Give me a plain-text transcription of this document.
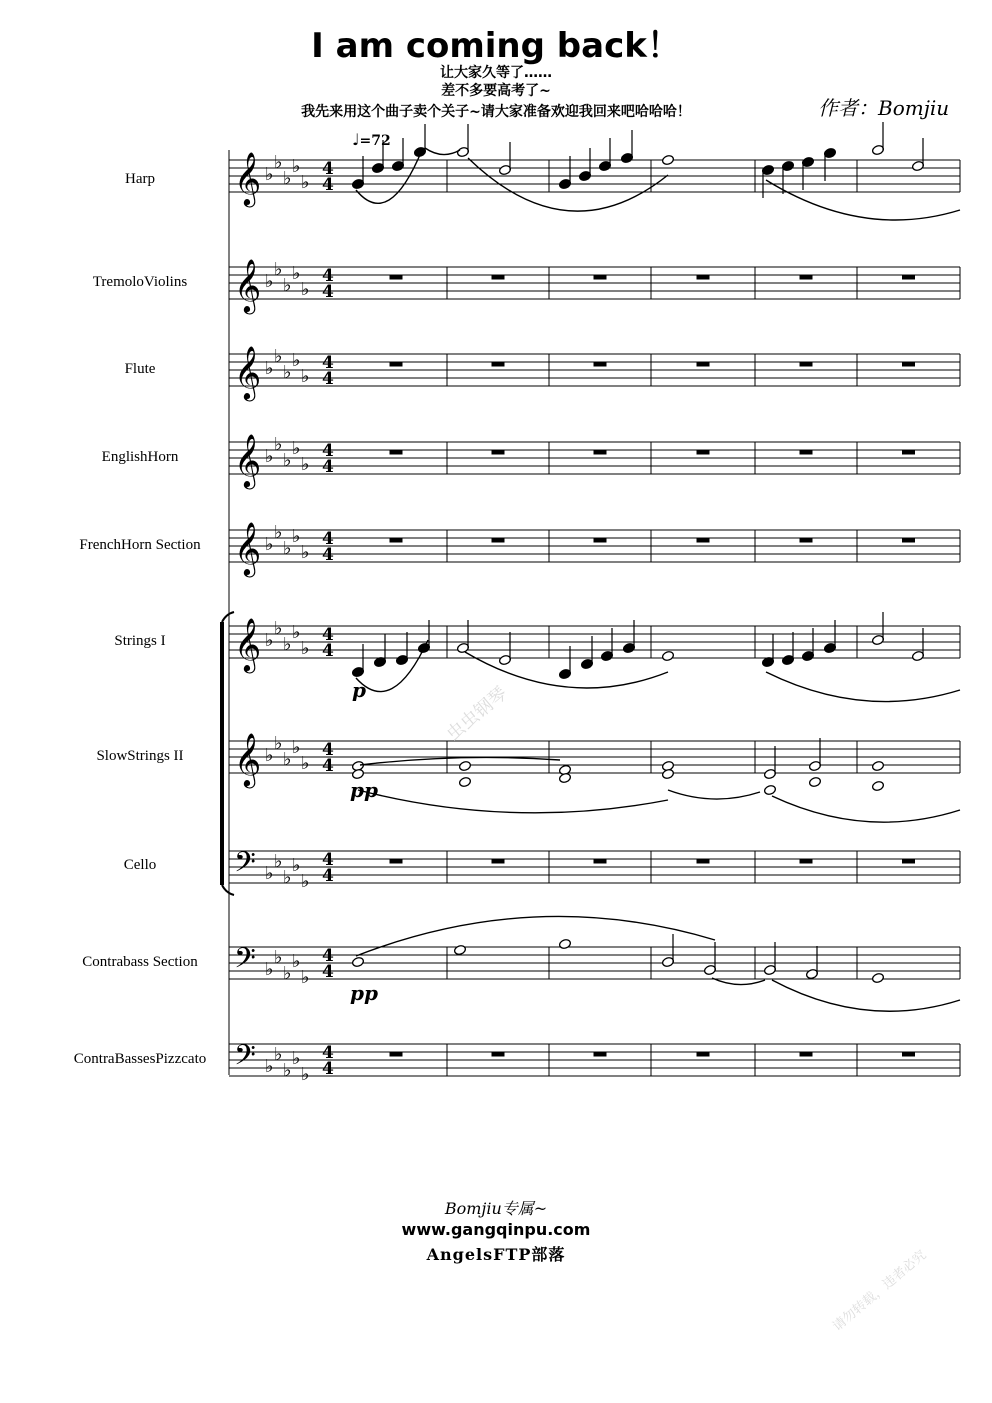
I am coming back！
让大家久等了……
差不多要高考了~
我先来用这个曲子卖个关子~请大家准备欢迎我回来吧哈哈哈！	作者：Bomjiu
♩=72
Harp
TremoloViolins
Flute
EnglishHorn
FrenchHorn Section
Strings I
SlowStrings II
Cello
Contrabass Section
ContraBassesPizzcato
𝄞 ♭
♭
♭
♭
♭
4
4
𝄞 ♭
♭
♭
♭
♭
4
4
𝄞 ♭
♭
♭
♭
♭
4
4
𝄞 ♭
♭
♭
♭
♭
4
4
𝄞 ♭
♭
♭
♭
♭
4
4
𝄞 ♭
♭
♭
♭
♭
4
4
𝄞 ♭
♭
♭
♭
♭
4
4
𝄢 ♭
♭
♭
♭
♭
4
4
𝄢 ♭
♭
♭
♭
♭
4
4
𝄢 ♭
♭
♭
♭
♭
4
4
p
pp
pp
虫虫钢琴
请勿转载，违者必究
Bomjiu专属~
www.gangqinpu.com
AngelsFTP部落
